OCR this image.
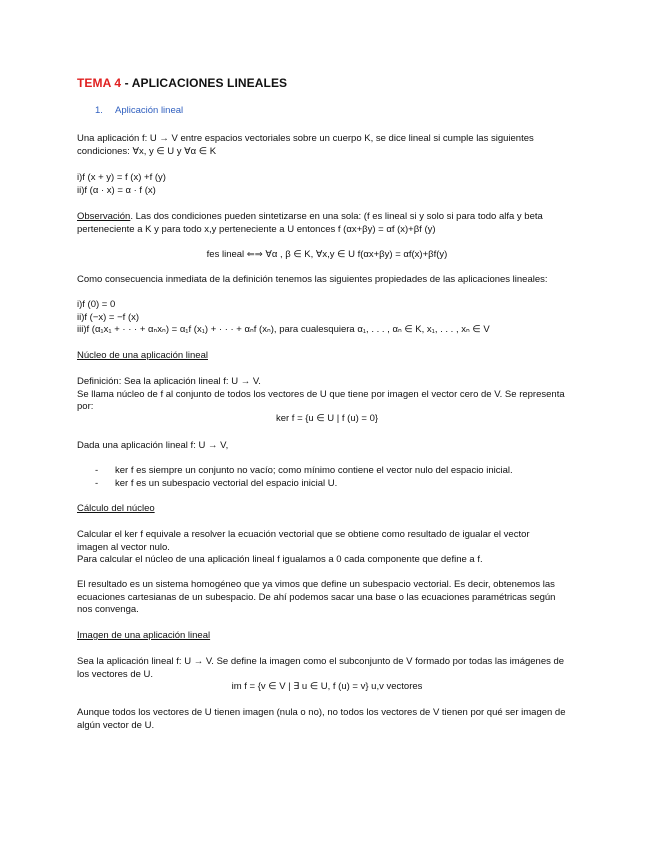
TEMA 4 - APLICACIONES LINEALES
1. Aplicación lineal

Una aplicación f: U → V entre espacios vectoriales sobre un cuerpo K, se dice lineal si cumple las siguientes

condiciones: ∀x, y ∈ U y ∀α ∈ K

i)f (x + y) = f (x) +f (y)

ii)f (α · x) = α · f (x)

Observación. Las dos condiciones pueden sintetizarse en una sola: (f es lineal si y solo si para todo alfa y beta

perteneciente a K y para todo x,y perteneciente a U entonces f (αx+βy) = αf (x)+βf (y)

fes lineal ⇐⇒ ∀α , β ∈ K, ∀x,y ∈ U f(αx+βy) = αf(x)+βf(y)
Como consecuencia inmediata de la definición tenemos las siguientes propiedades de las aplicaciones lineales:

i)f (0) = 0

ii)f (−x) = −f (x)

iii)f (α₁x₁ + · · · + αₙxₙ) = α₁f (x₁) + · · · + αₙf (xₙ), para cualesquiera α₁, . . . , αₙ ∈ K, x₁, . . . , xₙ ∈ V

Núcleo de una aplicación lineal

Definición: Sea la aplicación lineal f: U → V.

Se llama núcleo de f al conjunto de todos los vectores de U que tiene por imagen el vector cero de V. Se representa

por:

ker f = {u ∈ U | f (u) = 0}
Dada una aplicación lineal f: U → V,
- ker f es siempre un conjunto no vacío; como mínimo contiene el vector nulo del espacio inicial.
- ker f es un subespacio vectorial del espacio inicial U.
Cálculo del núcleo

Calcular el ker f equivale a resolver la ecuación vectorial que se obtiene como resultado de igualar el vector

imagen al vector nulo.

Para calcular el núcleo de una aplicación lineal f igualamos a 0 cada componente que define a f.

El resultado es un sistema homogéneo que ya vimos que define un subespacio vectorial. Es decir, obtenemos las

ecuaciones cartesianas de un subespacio. De ahí podemos sacar una base o las ecuaciones paramétricas según

nos convenga.

Imagen de una aplicación lineal

Sea la aplicación lineal f: U → V. Se define la imagen como el subconjunto de V formado por todas las imágenes de

los vectores de U.

im f = {v ∈ V | ∃ u ∈ U, f (u) = v} u,v vectores

Aunque todos los vectores de U tienen imagen (nula o no), no todos los vectores de V tienen por qué ser imagen de

algún vector de U.
